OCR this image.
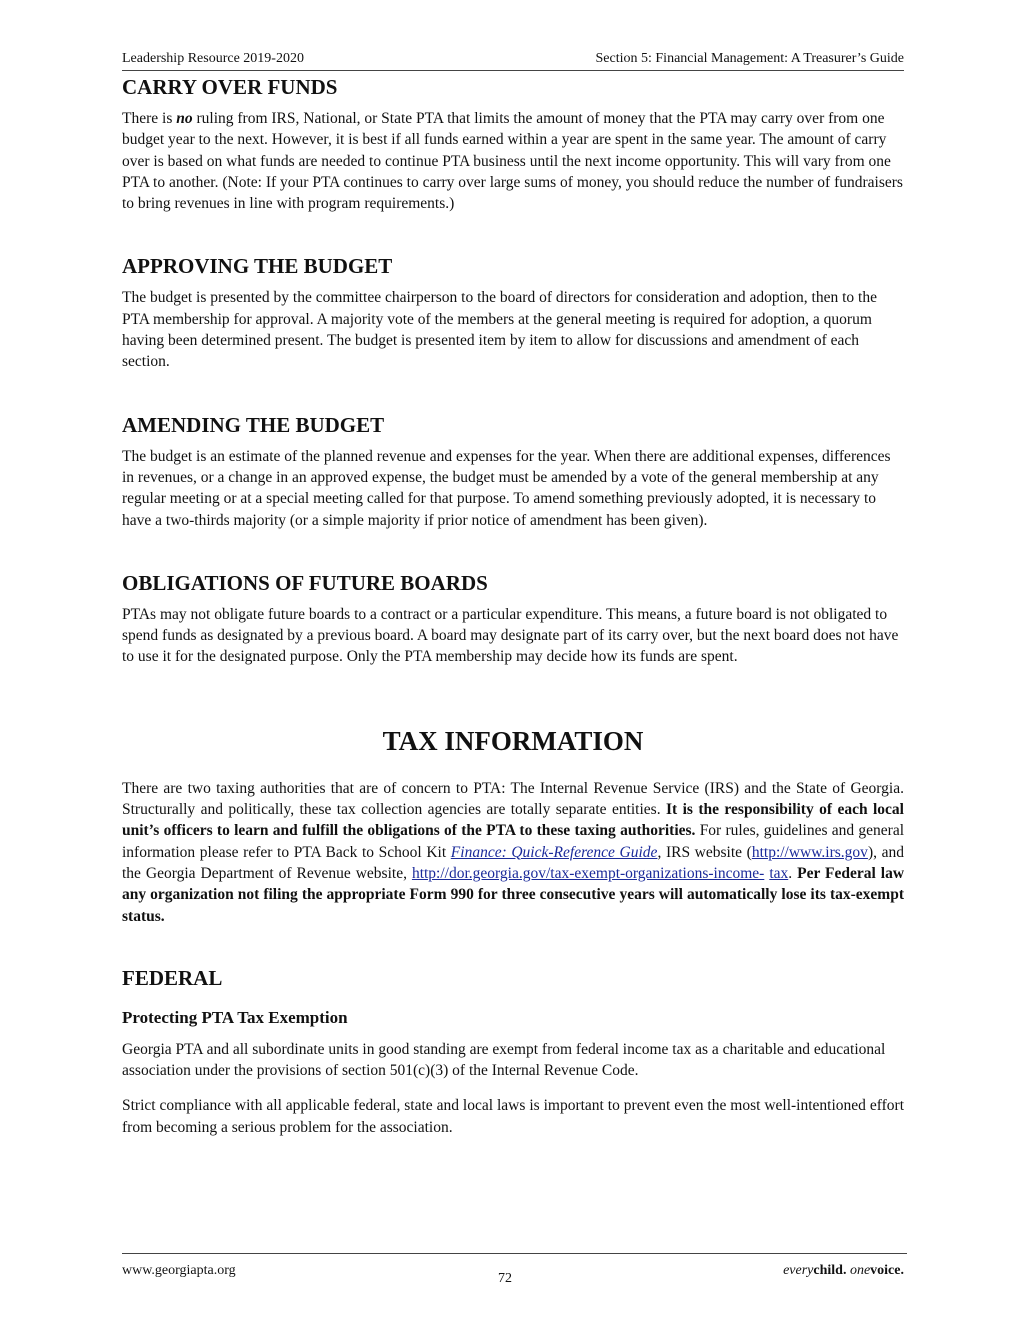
Leadership Resource 2019-2020	Section 5: Financial Management: A Treasurer’s Guide
CARRY OVER FUNDS

There is no ruling from IRS, National, or State PTA that limits the amount of money that the PTA may carry over from one budget year to the next. However, it is best if all funds earned within a year are spent in the same year. The amount of carry over is based on what funds are needed to continue PTA business until the next income opportunity. This will vary from one PTA to another. (Note: If your PTA continues to carry over large sums of money, you should reduce the number of fundraisers to bring revenues in line with program requirements.)

APPROVING THE BUDGET

The budget is presented by the committee chairperson to the board of directors for consideration and adoption, then to the PTA membership for approval. A majority vote of the members at the general meeting is required for adoption, a quorum having been determined present. The budget is presented item by item to allow for discussions and amendment of each section.

AMENDING THE BUDGET

The budget is an estimate of the planned revenue and expenses for the year. When there are additional expenses, differences in revenues, or a change in an approved expense, the budget must be amended by a vote of the general membership at any regular meeting or at a special meeting called for that purpose. To amend something previously adopted, it is necessary to have a two-thirds majority (or a simple majority if prior notice of amendment has been given).

OBLIGATIONS OF FUTURE BOARDS

PTAs may not obligate future boards to a contract or a particular expenditure. This means, a future board is not obligated to spend funds as designated by a previous board. A board may designate part of its carry over, but the next board does not have to use it for the designated purpose. Only the PTA membership may decide how its funds are spent.

TAX INFORMATION

There are two taxing authorities that are of concern to PTA: The Internal Revenue Service (IRS) and the State of Georgia. Structurally and politically, these tax collection agencies are totally separate entities. It is the responsibility of each local unit’s officers to learn and fulfill the obligations of the PTA to these taxing authorities. For rules, guidelines and general information please refer to PTA Back to School Kit Finance: Quick-Reference Guide, IRS website (http://www.irs.gov), and the Georgia Department of Revenue website, http://dor.georgia.gov/tax-exempt-organizations-income- tax. Per Federal law any organization not filing the appropriate Form 990 for three consecutive years will automatically lose its tax-exempt status.

FEDERAL
Protecting PTA Tax Exemption

Georgia PTA and all subordinate units in good standing are exempt from federal income tax as a charitable and educational association under the provisions of section 501(c)(3) of the Internal Revenue Code.

Strict compliance with all applicable federal, state and local laws is important to prevent even the most well-intentioned effort from becoming a serious problem for the association.

www.georgiapta.org
72
everychild. onevoice.
